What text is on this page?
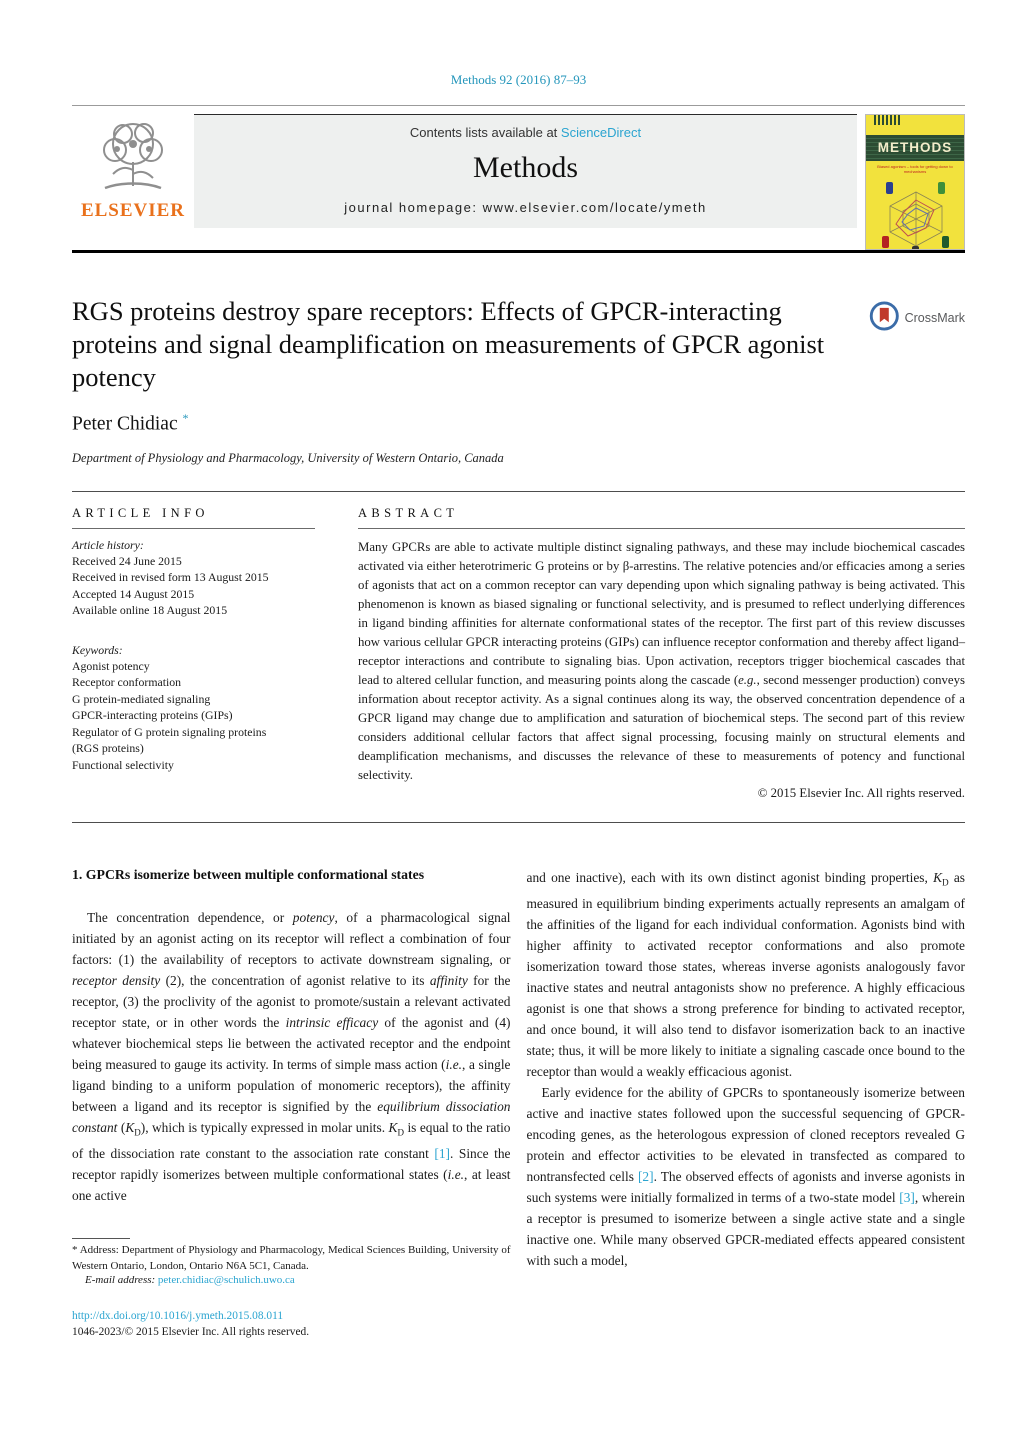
Methods 92 (2016) 87–93
ELSEVIER
Contents lists available at ScienceDirect
Methods
journal homepage: www.elsevier.com/locate/ymeth
METHODS
Biased agonism – tools for getting down to mechanisms
RGS proteins destroy spare receptors: Effects of GPCR-interacting proteins and signal deamplification on measurements of GPCR agonist potency
CrossMark
Peter Chidiac *
Department of Physiology and Pharmacology, University of Western Ontario, Canada
ARTICLE INFO
Article history:
Received 24 June 2015
Received in revised form 13 August 2015
Accepted 14 August 2015
Available online 18 August 2015
Keywords:
Agonist potency
Receptor conformation
G protein-mediated signaling
GPCR-interacting proteins (GIPs)
Regulator of G protein signaling proteins
(RGS proteins)
Functional selectivity
ABSTRACT
Many GPCRs are able to activate multiple distinct signaling pathways, and these may include biochemical cascades activated via either heterotrimeric G proteins or by β-arrestins. The relative potencies and/or efficacies among a series of agonists that act on a common receptor can vary depending upon which signaling pathway is being activated. This phenomenon is known as biased signaling or functional selectivity, and is presumed to reflect underlying differences in ligand binding affinities for alternate conformational states of the receptor. The first part of this review discusses how various cellular GPCR interacting proteins (GIPs) can influence receptor conformation and thereby affect ligand–receptor interactions and contribute to signaling bias. Upon activation, receptors trigger biochemical cascades that lead to altered cellular function, and measuring points along the cascade (e.g., second messenger production) conveys information about receptor activity. As a signal continues along its way, the observed concentration dependence of a GPCR ligand may change due to amplification and saturation of biochemical steps. The second part of this review considers additional cellular factors that affect signal processing, focusing mainly on structural elements and deamplification mechanisms, and discusses the relevance of these to measurements of potency and functional selectivity.
© 2015 Elsevier Inc. All rights reserved.
1. GPCRs isomerize between multiple conformational states

The concentration dependence, or potency, of a pharmacological signal initiated by an agonist acting on its receptor will reflect a combination of four factors: (1) the availability of receptors to activate downstream signaling, or receptor density (2), the concentration of agonist relative to its affinity for the receptor, (3) the proclivity of the agonist to promote/sustain a relevant activated receptor state, or in other words the intrinsic efficacy of the agonist and (4) whatever biochemical steps lie between the activated receptor and the endpoint being measured to gauge its activity. In terms of simple mass action (i.e., a single ligand binding to a uniform population of monomeric receptors), the affinity between a ligand and its receptor is signified by the equilibrium dissociation constant $(K_D)$, which is typically expressed in molar units. $K_D$ is equal to the ratio of the dissociation rate constant to the association rate constant [1]. Since the receptor rapidly isomerizes between multiple conformational states (i.e., at least one active

* Address: Department of Physiology and Pharmacology, Medical Sciences Building, University of Western Ontario, London, Ontario N6A 5C1, Canada.
E-mail address: peter.chidiac@schulich.uwo.ca
http://dx.doi.org/10.1016/j.ymeth.2015.08.011
1046-2023/© 2015 Elsevier Inc. All rights reserved.

and one inactive), each with its own distinct agonist binding properties, $K_D$ as measured in equilibrium binding experiments actually represents an amalgam of the affinities of the ligand for each individual conformation. Agonists bind with higher affinity to activated receptor conformations and also promote isomerization toward those states, whereas inverse agonists analogously favor inactive states and neutral antagonists show no preference. A highly efficacious agonist is one that shows a strong preference for binding to activated receptor, and once bound, it will also tend to disfavor isomerization back to an inactive state; thus, it will be more likely to initiate a signaling cascade once bound to the receptor than would a weakly efficacious agonist.

Early evidence for the ability of GPCRs to spontaneously isomerize between active and inactive states followed upon the successful sequencing of GPCR-encoding genes, as the heterologous expression of cloned receptors revealed G protein and effector activities to be elevated in transfected as compared to nontransfected cells [2]. The observed effects of agonists and inverse agonists in such systems were initially formalized in terms of a two-state model [3], wherein a receptor is presumed to isomerize between a single active state and a single inactive one. While many observed GPCR-mediated effects appeared consistent with such a model,
